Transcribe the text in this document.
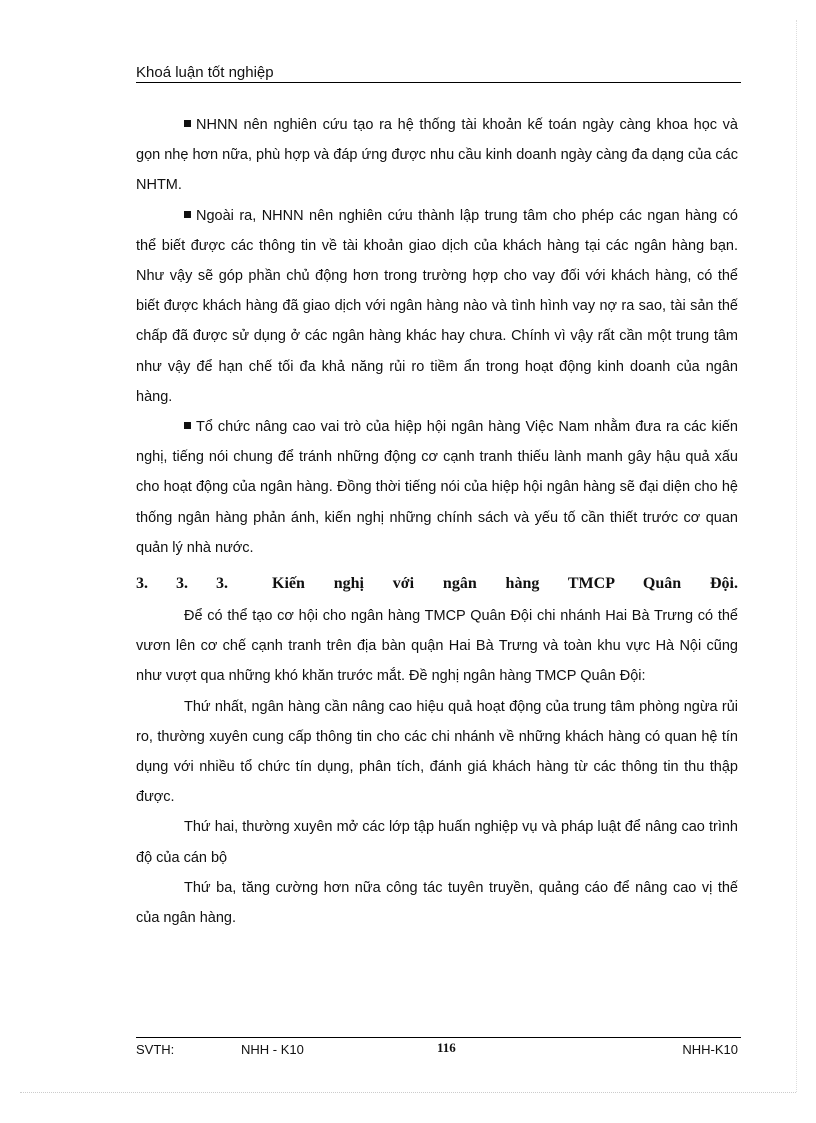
Khoá luận tốt nghiệp

NHNN nên nghiên cứu tạo ra hệ thống tài khoản kế toán ngày càng khoa học và gọn nhẹ hơn nữa, phù hợp và đáp ứng được nhu cầu kinh doanh ngày càng đa dạng của các NHTM.

Ngoài ra, NHNN nên nghiên cứu thành lập trung tâm cho phép các ngan hàng có thể biết được các thông tin về tài khoản giao dịch của khách hàng tại các ngân hàng bạn. Như vậy sẽ góp phần chủ động hơn trong trường hợp cho vay đối với khách hàng, có thể biết được khách hàng đã giao dịch với ngân hàng nào và tình hình vay nợ ra sao, tài sản thế chấp đã được sử dụng ở các ngân hàng khác hay chưa. Chính vì vậy rất cần một trung tâm như vậy để hạn chế tối đa khả năng rủi ro tiềm ẩn trong hoạt động kinh doanh của ngân hàng.

Tổ chức nâng cao vai trò của hiệp hội ngân hàng Việc Nam nhằm đưa ra các kiến nghị, tiếng nói chung để tránh những động cơ cạnh tranh thiếu lành manh gây hậu quả xấu cho hoạt động của ngân hàng. Đồng thời tiếng nói của hiệp hội ngân hàng sẽ đại diện cho hệ thống ngân hàng phản ánh, kiến nghị những chính sách và yếu tố cần thiết trước cơ quan quản lý nhà nước.

3. 3. 3.	Kiến nghị với ngân hàng TMCP Quân Đội.

Để có thể tạo cơ hội cho ngân hàng TMCP Quân Đội chi nhánh Hai Bà Trưng có thể vươn lên cơ chế cạnh tranh trên địa bàn quận Hai Bà Trưng và toàn khu vực Hà Nội cũng như vượt qua những khó khăn trước mắt. Đề nghị ngân hàng TMCP Quân Đội:

Thứ nhất, ngân hàng cần nâng cao hiệu quả hoạt động của trung tâm phòng ngừa rủi ro, thường xuyên cung cấp thông tin cho các chi nhánh về những khách hàng có quan hệ tín dụng với nhiều tổ chức tín dụng, phân tích, đánh giá khách hàng từ các thông tin thu thập được.

Thứ hai, thường xuyên mở các lớp tập huấn nghiệp vụ và pháp luật để nâng cao trình độ của cán bộ

Thứ ba, tăng cường hơn nữa công tác tuyên truyền, quảng cáo để nâng cao vị thế của ngân hàng.

SVTH:	NHH - K10	116	NHH-K10
